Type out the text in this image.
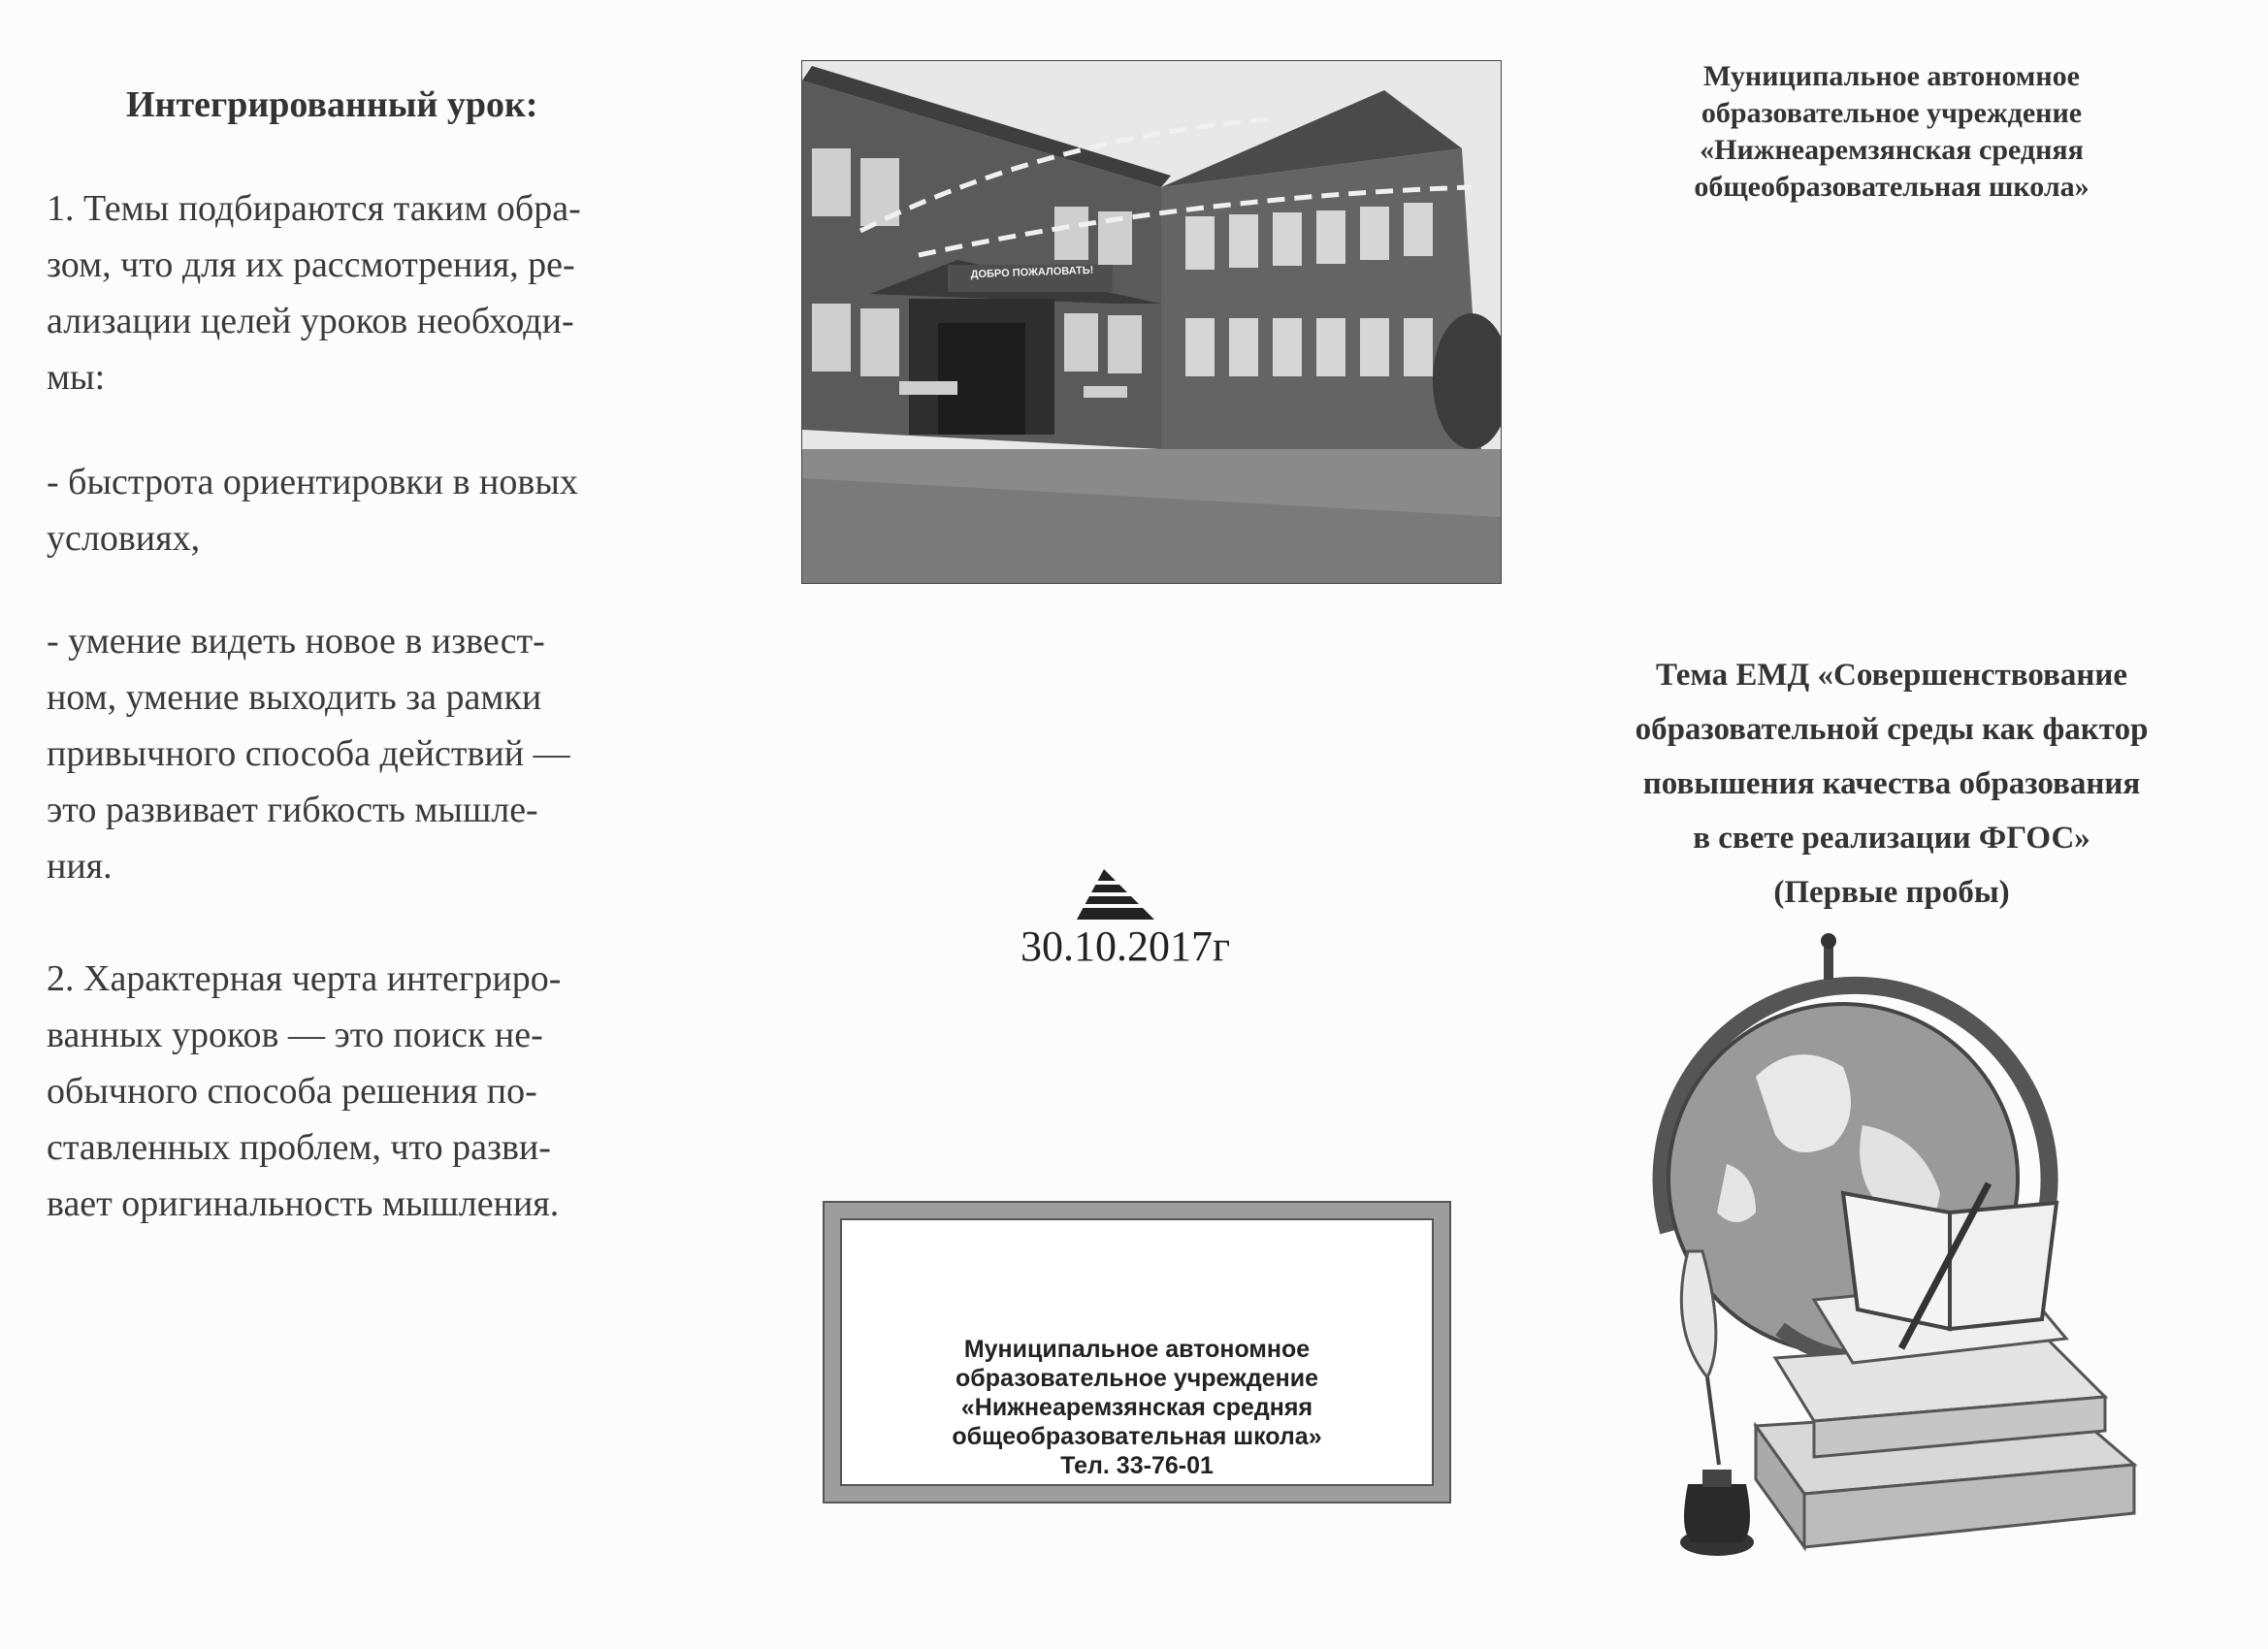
Интегрированный урок:
1. Темы подбираются таким обра-
зом, что для их рассмотрения, ре-
ализации целей уроков необходи-
мы:
- быстрота ориентировки в новых
условиях,
- умение видеть новое в извест-
ном, умение выходить за рамки
привычного способа действий —
это развивает гибкость мышле-
ния.
2. Характерная черта интегриро-
ванных уроков — это поиск не-
обычного способа решения по-
ставленных проблем, что разви-
вает оригинальность мышления.
ДОБРО ПОЖАЛОВАТЬ!
30.10.2017г
Муниципальное автономное
образовательное учреждение
«Нижнеаремзянская средняя
общеобразовательная школа»
Тел. 33-76-01
Муниципальное автономное
образовательное учреждение
«Нижнеаремзянская средняя
общеобразовательная школа»
Тема ЕМД «Совершенствование
образовательной среды как фактор
повышения качества образования
в свете реализации ФГОС»
(Первые пробы)
